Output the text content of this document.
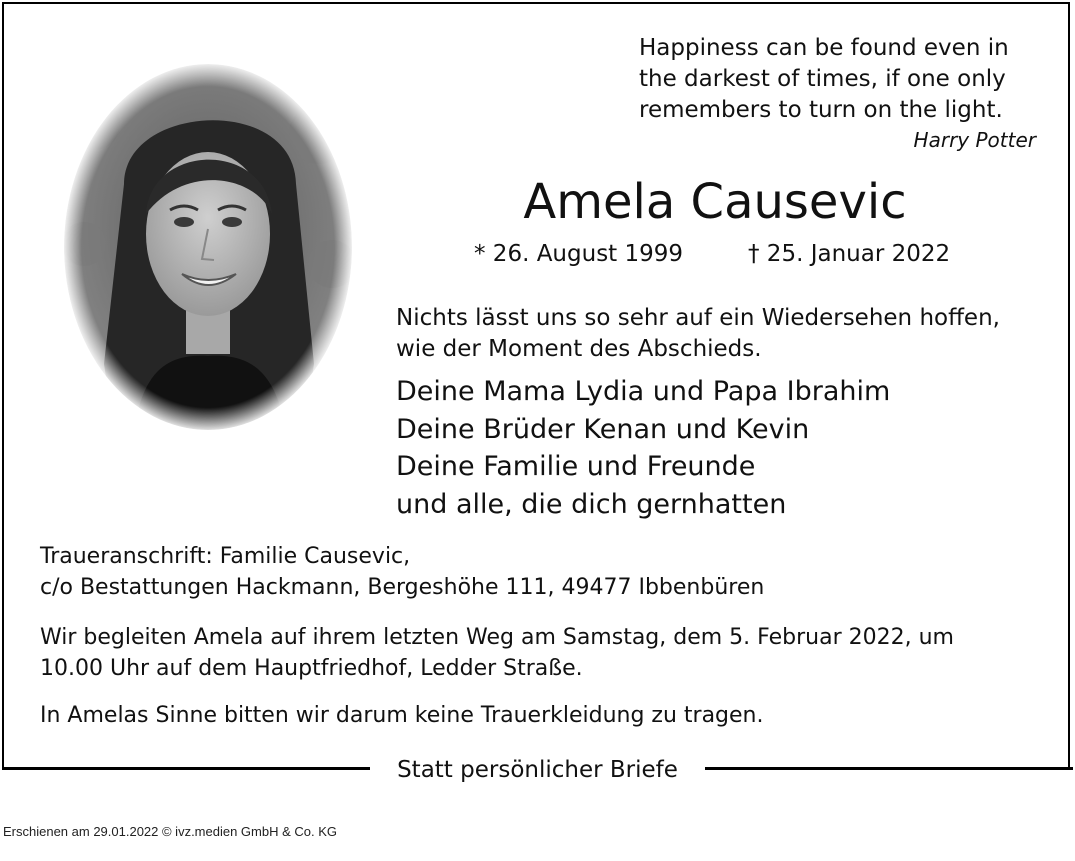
Statt persönlicher Briefe
Happiness can be found even in
the darkest of times, if one only
remembers to turn on the light.
Harry Potter
Amela Causevic
* 26. August 1999	† 25. Januar 2022
Nichts lässt uns so sehr auf ein Wiedersehen hoffen,
wie der Moment des Abschieds.
Deine Mama Lydia und Papa Ibrahim
Deine Brüder Kenan und Kevin
Deine Familie und Freunde
und alle, die dich gernhatten
Traueranschrift: Familie Causevic,
c/o Bestattungen Hackmann, Bergeshöhe 111, 49477 Ibbenbüren
Wir begleiten Amela auf ihrem letzten Weg am Samstag, dem 5. Februar 2022, um
10.00 Uhr auf dem Hauptfriedhof, Ledder Straße.
In Amelas Sinne bitten wir darum keine Trauerkleidung zu tragen.
Erschienen am 29.01.2022 © ivz.medien GmbH & Co. KG
